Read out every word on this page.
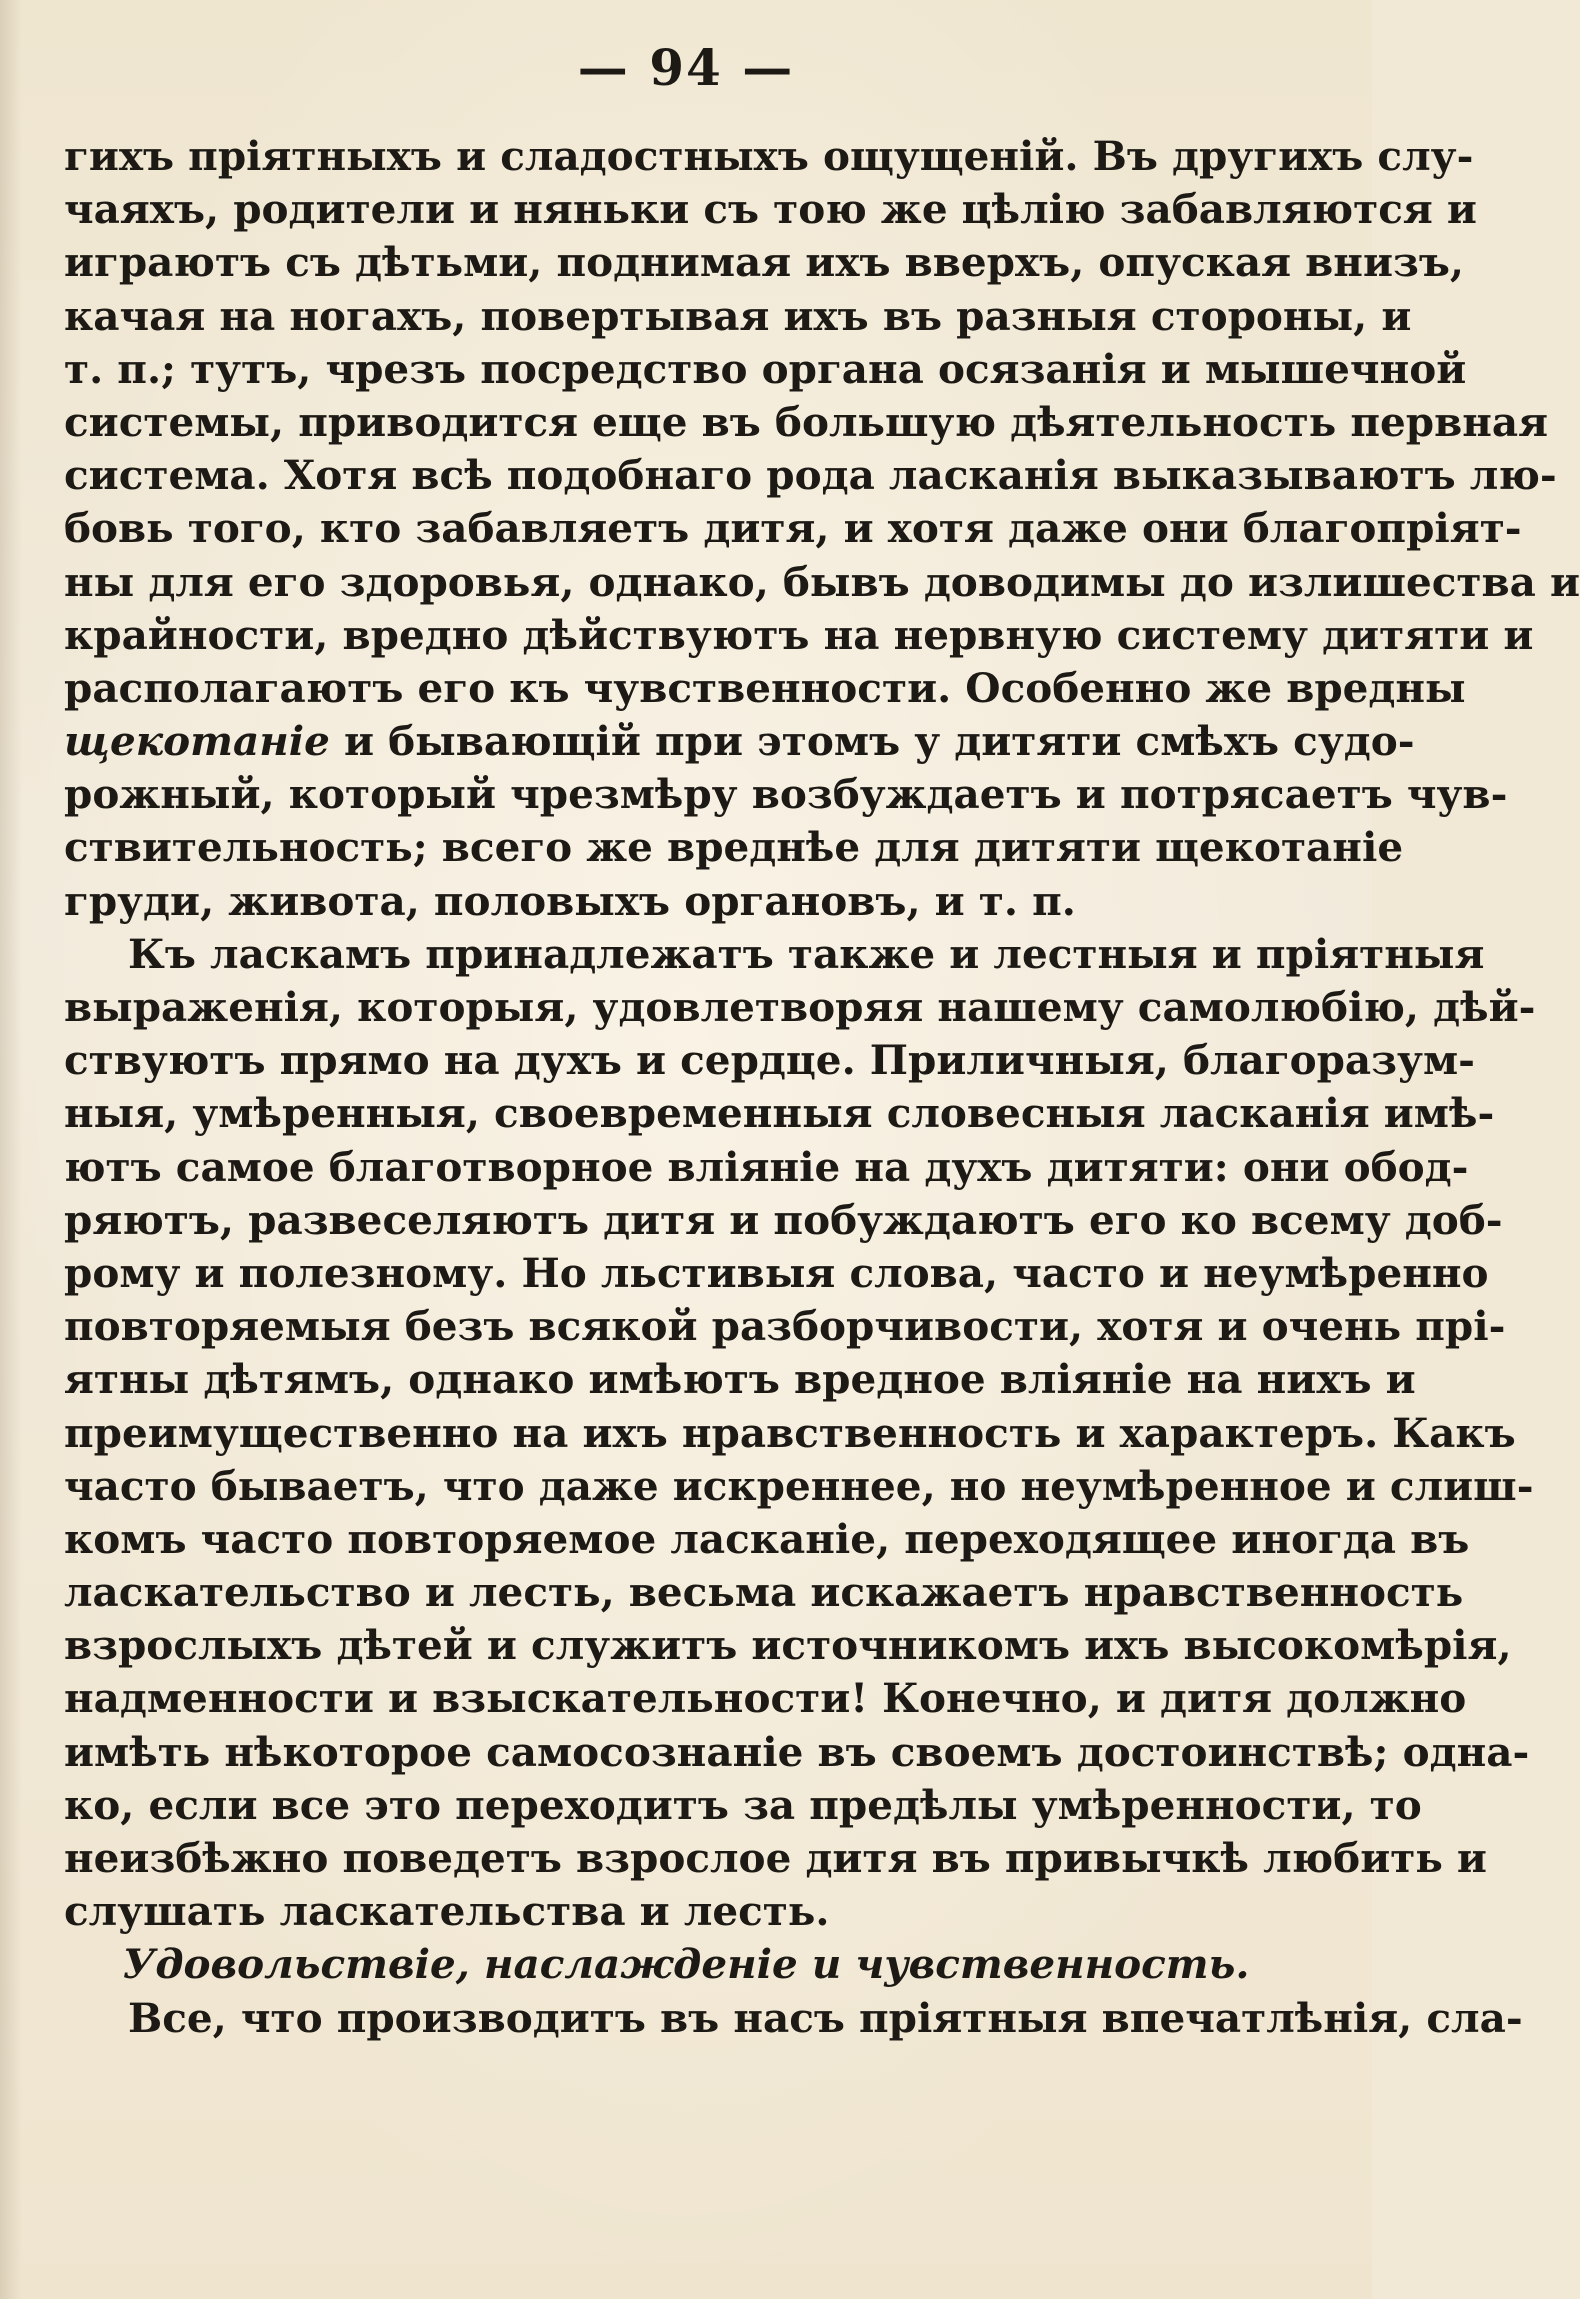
— 94 —
гихъ пріятныхъ и сладостныхъ ощущеній. Въ другихъ слу-
чаяхъ, родители и няньки съ тою же цѣлію забавляются и
играютъ съ дѣтьми, поднимая ихъ вверхъ, опуская внизъ,
качая на ногахъ, повертывая ихъ въ разныя стороны, и
т. п.; тутъ, чрезъ посредство органа осязанія и мышечной
системы, приводится еще въ большую дѣятельность первная
система. Хотя всѣ подобнаго рода ласканія выказываютъ лю-
бовь того, кто забавляетъ дитя, и хотя даже они благопріят-
ны для его здоровья, однако, бывъ доводимы до излишества и
крайности, вредно дѣйствуютъ на нервную систему дитяти и
располагаютъ его къ чувственности. Особенно же вредны
щекотаніе и бывающій при этомъ у дитяти смѣхъ судо-
рожный, который чрезмѣру возбуждаетъ и потрясаетъ чув-
ствительность; всего же вреднѣе для дитяти щекотаніе
груди, живота, половыхъ органовъ, и т. п.
Къ ласкамъ принадлежатъ также и лестныя и пріятныя
выраженія, которыя, удовлетворяя нашему самолюбію, дѣй-
ствуютъ прямо на духъ и сердце. Приличныя, благоразум-
ныя, умѣренныя, своевременныя словесныя ласканія имѣ-
ютъ самое благотворное вліяніе на духъ дитяти: они обод-
ряютъ, развеселяютъ дитя и побуждаютъ его ко всему доб-
рому и полезному. Но льстивыя слова, часто и неумѣренно
повторяемыя безъ всякой разборчивости, хотя и очень прі-
ятны дѣтямъ, однако имѣютъ вредное вліяніе на нихъ и
преимущественно на ихъ нравственность и характеръ. Какъ
часто бываетъ, что даже искреннее, но неумѣренное и слиш-
комъ часто повторяемое ласканіе, переходящее иногда въ
ласкательство и лесть, весьма искажаетъ нравственность
взрослыхъ дѣтей и служитъ источникомъ ихъ высокомѣрія,
надменности и взыскательности! Конечно, и дитя должно
имѣть нѣкоторое самосознаніе въ своемъ достоинствѣ; одна-
ко, если все это переходитъ за предѣлы умѣренности, то
неизбѣжно поведетъ взрослое дитя въ привычкѣ любить и
слушать ласкательства и лесть.
Удовольствіе, наслажденіе и чувственность.
Все, что производитъ въ насъ пріятныя впечатлѣнія, сла-
